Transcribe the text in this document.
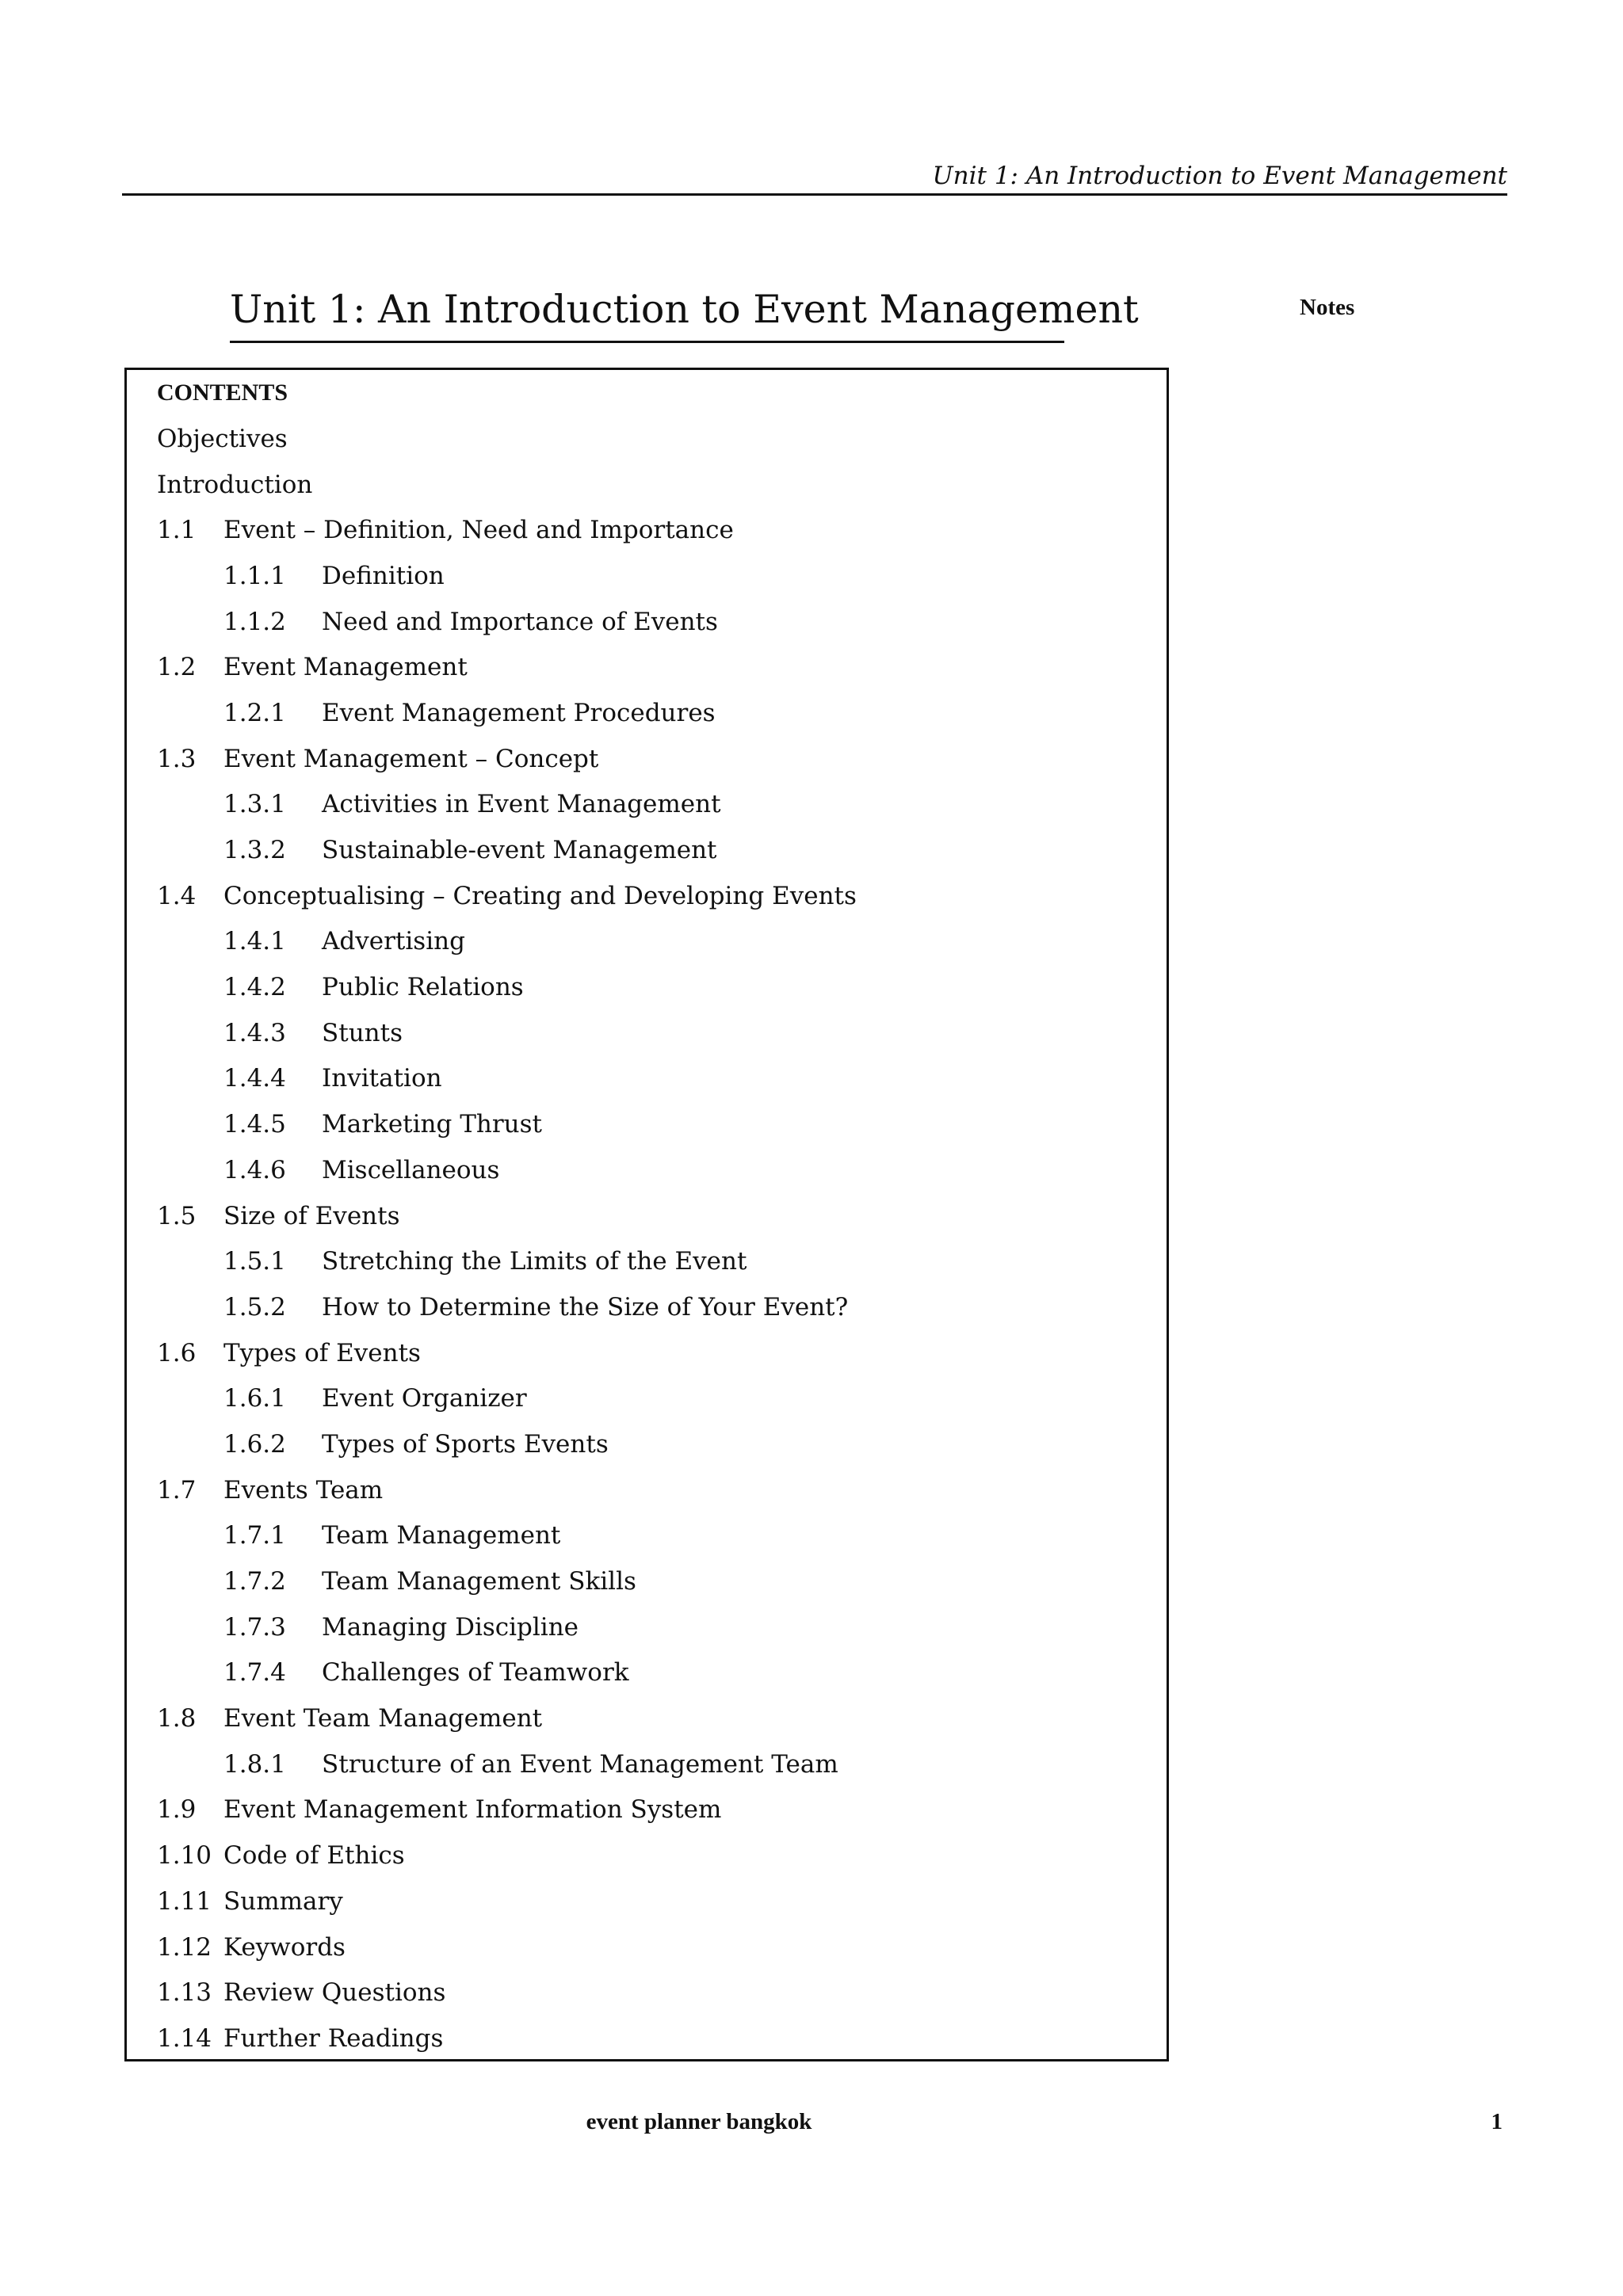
Unit 1: An Introduction to Event Management
Unit 1: An Introduction to Event Management	Notes
CONTENTS
Objectives
Introduction
1.1	Event – Definition, Need and Importance
1.1.1	Definition
1.1.2	Need and Importance of Events
1.2	Event Management
1.2.1	Event Management Procedures
1.3	Event Management – Concept
1.3.1	Activities in Event Management
1.3.2	Sustainable-event Management
1.4	Conceptualising – Creating and Developing Events
1.4.1	Advertising
1.4.2	Public Relations
1.4.3	Stunts
1.4.4	Invitation
1.4.5	Marketing Thrust
1.4.6	Miscellaneous
1.5	Size of Events
1.5.1	Stretching the Limits of the Event
1.5.2	How to Determine the Size of Your Event?
1.6	Types of Events
1.6.1	Event Organizer
1.6.2	Types of Sports Events
1.7	Events Team
1.7.1	Team Management
1.7.2	Team Management Skills
1.7.3	Managing Discipline
1.7.4	Challenges of Teamwork
1.8	Event Team Management
1.8.1	Structure of an Event Management Team
1.9	Event Management Information System
1.10 Code of Ethics
1.11 Summary
1.12 Keywords
1.13 Review Questions
1.14 Further Readings
event planner bangkok	1
